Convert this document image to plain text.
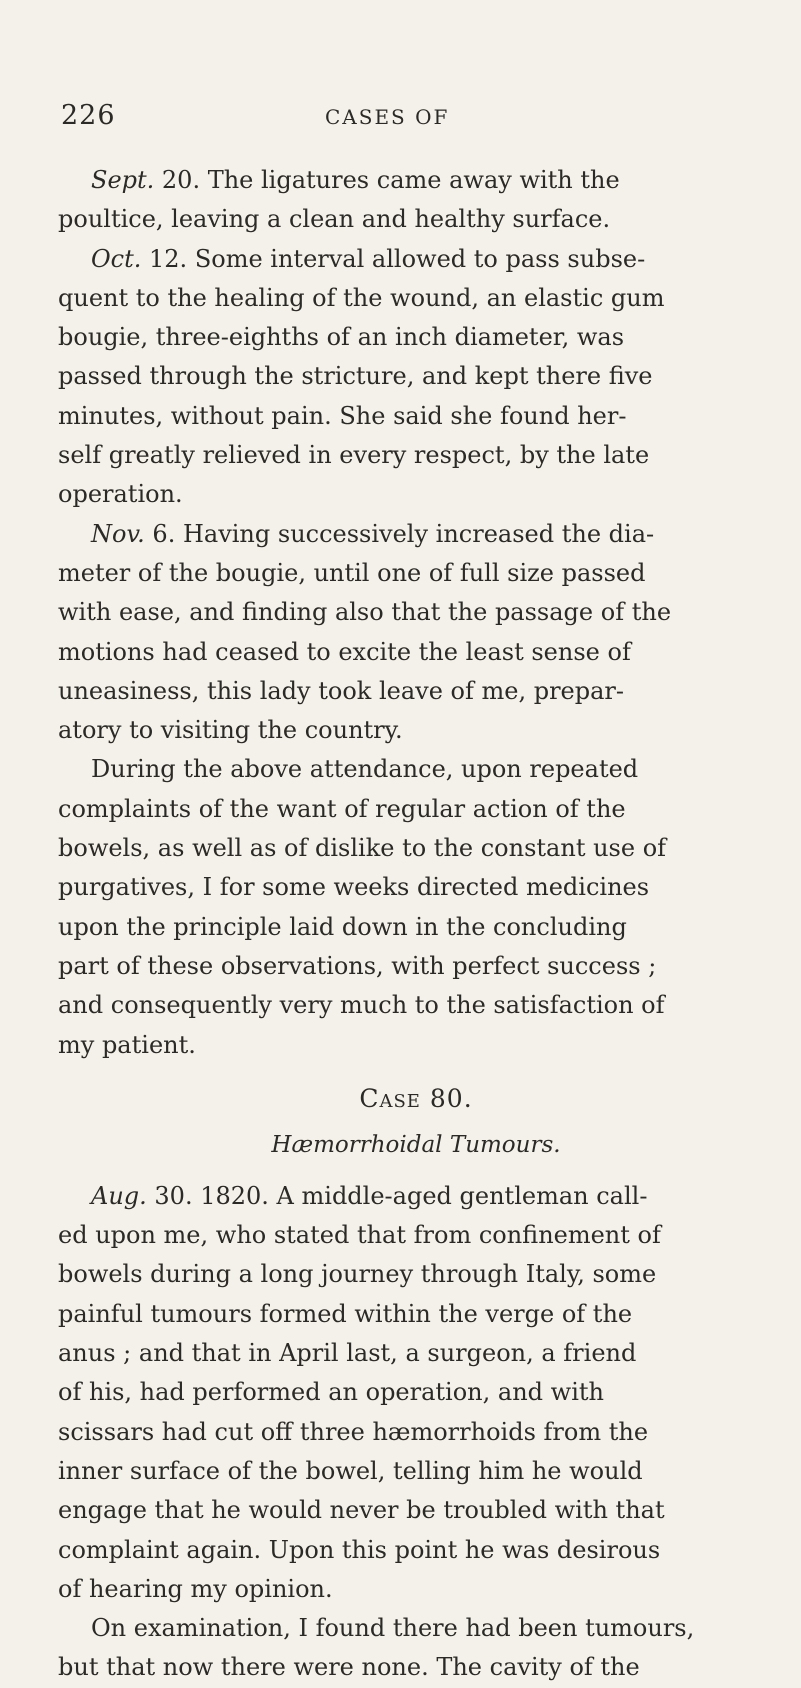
226	CASES OF
Sept. 20. The ligatures came away with the
poultice, leaving a clean and healthy surface.
Oct. 12. Some interval allowed to pass subse-
quent to the healing of the wound, an elastic gum
bougie, three-eighths of an inch diameter, was
passed through the stricture, and kept there five
minutes, without pain. She said she found her-
self greatly relieved in every respect, by the late
operation.
Nov. 6. Having successively increased the dia-
meter of the bougie, until one of full size passed
with ease, and finding also that the passage of the
motions had ceased to excite the least sense of
uneasiness, this lady took leave of me, prepar-
atory to visiting the country.
During the above attendance, upon repeated
complaints of the want of regular action of the
bowels, as well as of dislike to the constant use of
purgatives, I for some weeks directed medicines
upon the principle laid down in the concluding
part of these observations, with perfect success ;
and consequently very much to the satisfaction of
my patient.
Case 80.
Hæmorrhoidal Tumours.
Aug. 30. 1820. A middle-aged gentleman call-
ed upon me, who stated that from confinement of
bowels during a long journey through Italy, some
painful tumours formed within the verge of the
anus ; and that in April last, a surgeon, a friend
of his, had performed an operation, and with
scissars had cut off three hæmorrhoids from the
inner surface of the bowel, telling him he would
engage that he would never be troubled with that
complaint again. Upon this point he was desirous
of hearing my opinion.
On examination, I found there had been tumours,
but that now there were none. The cavity of the
